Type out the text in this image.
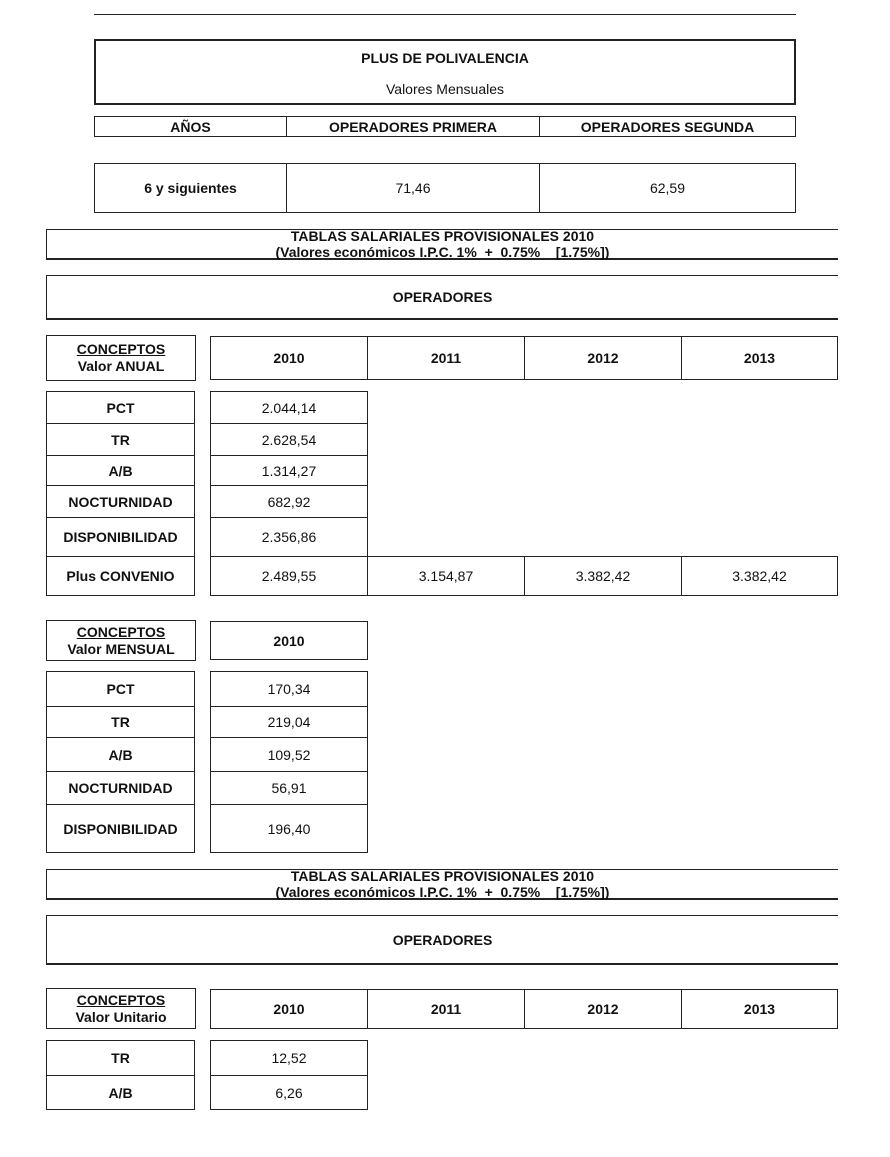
PLUS DE POLIVALENCIA
Valores Mensuales
AÑOS	OPERADORES PRIMERA	OPERADORES SEGUNDA
6 y siguientes	71,46	62,59
TABLAS SALARIALES PROVISIONALES 2010
(Valores económicos I.P.C. 1%  +  0.75%    [1.75%])
OPERADORES
CONCEPTOS
Valor ANUAL	2010	2011	2012	2013
PCT	2.044,14
TR	2.628,54
A/B	1.314,27
NOCTURNIDAD	682,92
DISPONIBILIDAD	2.356,86
Plus CONVENIO	2.489,55	3.154,87	3.382,42	3.382,42
CONCEPTOS
Valor MENSUAL	2010
PCT	170,34
TR	219,04
A/B	109,52
NOCTURNIDAD	56,91
DISPONIBILIDAD	196,40
TABLAS SALARIALES PROVISIONALES 2010
(Valores económicos I.P.C. 1%  +  0.75%    [1.75%])
OPERADORES
CONCEPTOS
Valor Unitario	2010	2011	2012	2013
TR	12,52
A/B	6,26
